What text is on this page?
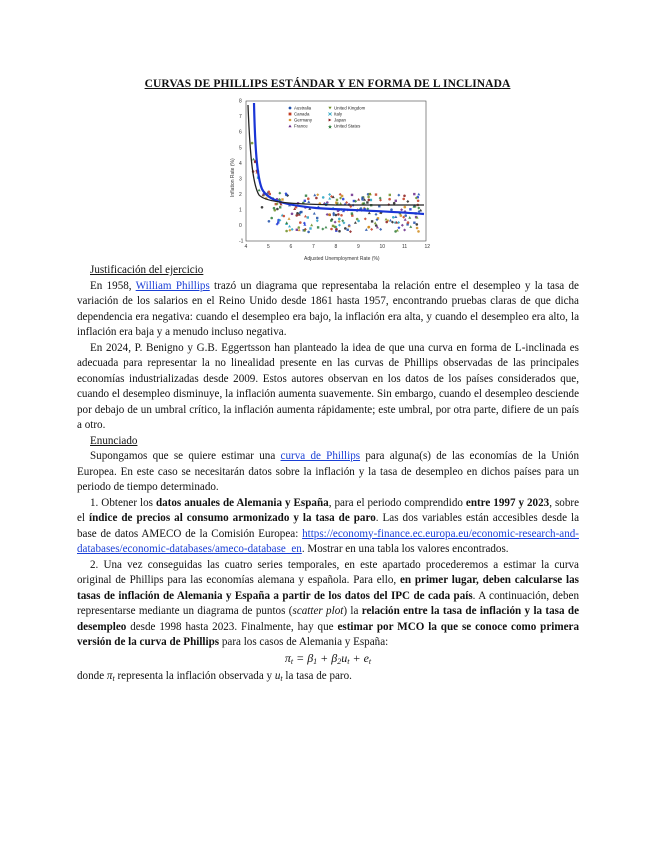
CURVAS DE PHILLIPS ESTÁNDAR Y EN FORMA DE L INCLINADA
-1
0
1
2
3
4
5
6
7
8
4	5	6	7	8	9	10	11	12
Inflation Rate (%)
Adjusted Unemployment Rate (%)
Australia
Canada
Germany
France
United Kingdom
Italy
Japan
United States

Justificación del ejercicio

En 1958, William Phillips trazó un diagrama que representaba la relación entre el desempleo y la tasa de variación de los salarios en el Reino Unido desde 1861 hasta 1957, encontrando pruebas claras de que dicha dependencia era negativa: cuando el desempleo era bajo, la inflación era alta, y cuando el desempleo era alto, la inflación era baja y a menudo incluso negativa.

En 2024, P. Benigno y G.B. Eggertsson han planteado la idea de que una curva en forma de L-inclinada es adecuada para representar la no linealidad presente en las curvas de Phillips observadas de las principales economías industrializadas desde 2009. Estos autores observan en los datos de los países considerados que, cuando el desempleo disminuye, la inflación aumenta suavemente. Sin embargo, cuando el desempleo desciende por debajo de un umbral crítico, la inflación aumenta rápidamente; este umbral, por otra parte, difiere de un país a otro.

Enunciado

Supongamos que se quiere estimar una curva de Phillips para alguna(s) de las economías de la Unión Europea. En este caso se necesitarán datos sobre la inflación y la tasa de desempleo en dichos países para un periodo de tiempo determinado.

1. Obtener los datos anuales de Alemania y España, para el periodo comprendido entre 1997 y 2023, sobre el índice de precios al consumo armonizado y la tasa de paro. Las dos variables están accesibles desde la base de datos AMECO de la Comisión Europea: https://economy-finance.ec.europa.eu/economic-research-and-databases/economic-databases/ameco-database_en. Mostrar en una tabla los valores encontrados.

2. Una vez conseguidas las cuatro series temporales, en este apartado procederemos a estimar la curva original de Phillips para las economías alemana y española. Para ello, en primer lugar, deben calcularse las tasas de inflación de Alemania y España a partir de los datos del IPC de cada país. A continuación, deben representarse mediante un diagrama de puntos (scatter plot) la relación entre la tasa de inflación y la tasa de desempleo desde 1998 hasta 2023. Finalmente, hay que estimar por MCO la que se conoce como primera versión de la curva de Phillips para los casos de Alemania y España:

$\pi_t = \beta_1 + \beta_2u_t + e_t$

donde πt representa la inflación observada y ut la tasa de paro.
